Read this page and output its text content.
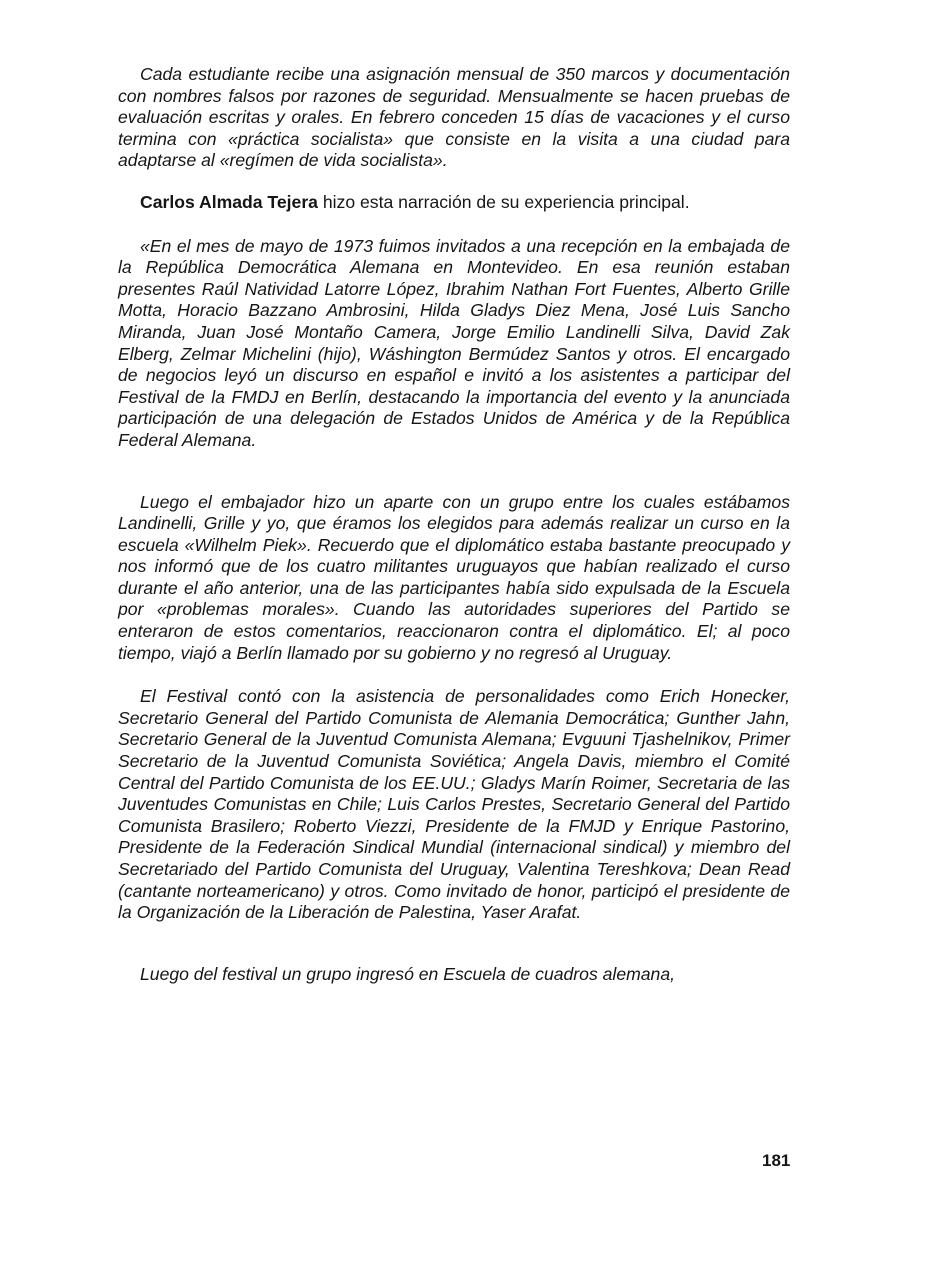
Cada estudiante recibe una asignación mensual de 350 marcos y documentación con nombres falsos por razones de seguridad. Mensualmente se hacen pruebas de evaluación escritas y orales. En febrero conceden 15 días de vacaciones y el curso termina con «práctica socialista» que consiste en la visita a una ciudad para adaptarse al «regímen de vida socialista».

Carlos Almada Tejera hizo esta narración de su experiencia principal.

«En el mes de mayo de 1973 fuimos invitados a una recepción en la embajada de la República Democrática Alemana en Montevideo. En esa reunión estaban presentes Raúl Natividad Latorre López, Ibrahim Nathan Fort Fuentes, Alberto Grille Motta, Horacio Bazzano Ambrosini, Hilda Gladys Diez Mena, José Luis Sancho Miranda, Juan José Montaño Camera, Jorge Emilio Landinelli Silva, David Zak Elberg, Zelmar Michelini (hijo), Wáshington Bermúdez Santos y otros. El encargado de negocios leyó un discurso en español e invitó a los asistentes a participar del Festival de la FMDJ en Berlín, destacando la importancia del evento y la anunciada participación de una delegación de Estados Unidos de América y de la República Federal Alemana.

Luego el embajador hizo un aparte con un grupo entre los cuales estábamos Landinelli, Grille y yo, que éramos los elegidos para además realizar un curso en la escuela «Wilhelm Piek». Recuerdo que el diplomático estaba bastante preocupado y nos informó que de los cuatro militantes uruguayos que habían realizado el curso durante el año anterior, una de las participantes había sido expulsada de la Escuela por «problemas morales». Cuando las autoridades superiores del Partido se enteraron de estos comentarios, reaccionaron contra el diplomático. El; al poco tiempo, viajó a Berlín llamado por su gobierno y no regresó al Uruguay.

El Festival contó con la asistencia de personalidades como Erich Honecker, Secretario General del Partido Comunista de Alemania Democrática; Gunther Jahn, Secretario General de la Juventud Comunista Alemana; Evguuni Tjashelnikov, Primer Secretario de la Juventud Comunista Soviética; Angela Davis, miembro el Comité Central del Partido Comunista de los EE.UU.; Gladys Marín Roimer, Secretaria de las Juventudes Comunistas en Chile; Luis Carlos Prestes, Secretario General del Partido Comunista Brasilero; Roberto Viezzi, Presidente de la FMJD y Enrique Pastorino, Presidente de la Federación Sindical Mundial (internacional sindical) y miembro del Secretariado del Partido Comunista del Uruguay, Valentina Tereshkova; Dean Read (cantante norteamericano) y otros. Como invitado de honor, participó el presidente de la Organización de la Liberación de Palestina, Yaser Arafat.

Luego del festival un grupo ingresó en Escuela de cuadros alemana,

181
